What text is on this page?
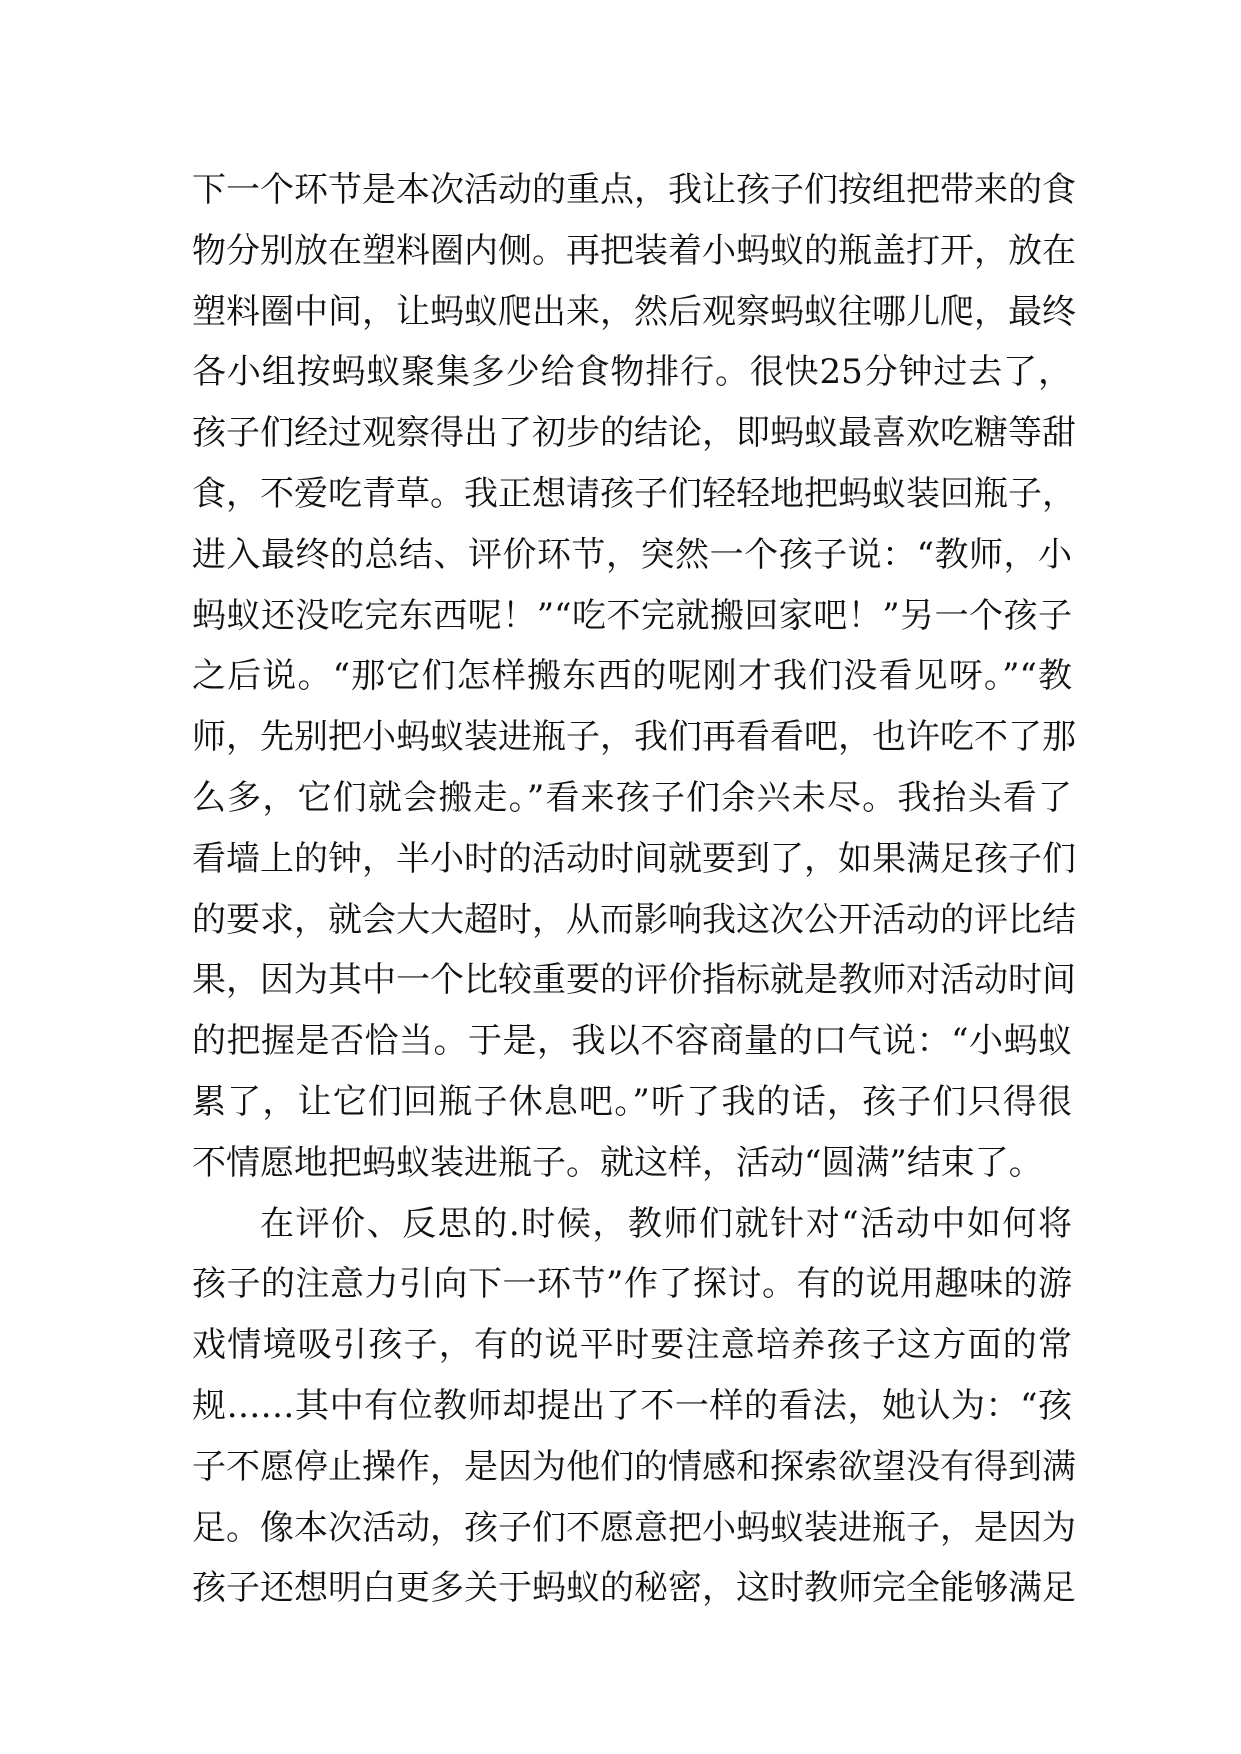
下一个环节是本次活动的重点，我让孩子们按组把带来的食
物分别放在塑料圈内侧。再把装着小蚂蚁的瓶盖打开，放在
塑料圈中间，让蚂蚁爬出来，然后观察蚂蚁往哪儿爬，最终
各小组按蚂蚁聚集多少给食物排行。很快25分钟过去了，
孩子们经过观察得出了初步的结论，即蚂蚁最喜欢吃糖等甜
食，不爱吃青草。我正想请孩子们轻轻地把蚂蚁装回瓶子，
进入最终的总结、评价环节，突然一个孩子说：“教师，小
蚂蚁还没吃完东西呢！”“吃不完就搬回家吧！”另一个孩子
之后说。“那它们怎样搬东西的呢刚才我们没看见呀。”“教
师，先别把小蚂蚁装进瓶子，我们再看看吧，也许吃不了那
么多，它们就会搬走。”看来孩子们余兴未尽。我抬头看了
看墙上的钟，半小时的活动时间就要到了，如果满足孩子们
的要求，就会大大超时，从而影响我这次公开活动的评比结
果，因为其中一个比较重要的评价指标就是教师对活动时间
的把握是否恰当。于是，我以不容商量的口气说：“小蚂蚁
累了，让它们回瓶子休息吧。”听了我的话，孩子们只得很
不情愿地把蚂蚁装进瓶子。就这样，活动“圆满”结束了。
在评价、反思的.时候，教师们就针对“活动中如何将
孩子的注意力引向下一环节”作了探讨。有的说用趣味的游
戏情境吸引孩子，有的说平时要注意培养孩子这方面的常
规……其中有位教师却提出了不一样的看法，她认为：“孩
子不愿停止操作，是因为他们的情感和探索欲望没有得到满
足。像本次活动，孩子们不愿意把小蚂蚁装进瓶子，是因为
孩子还想明白更多关于蚂蚁的秘密，这时教师完全能够满足
